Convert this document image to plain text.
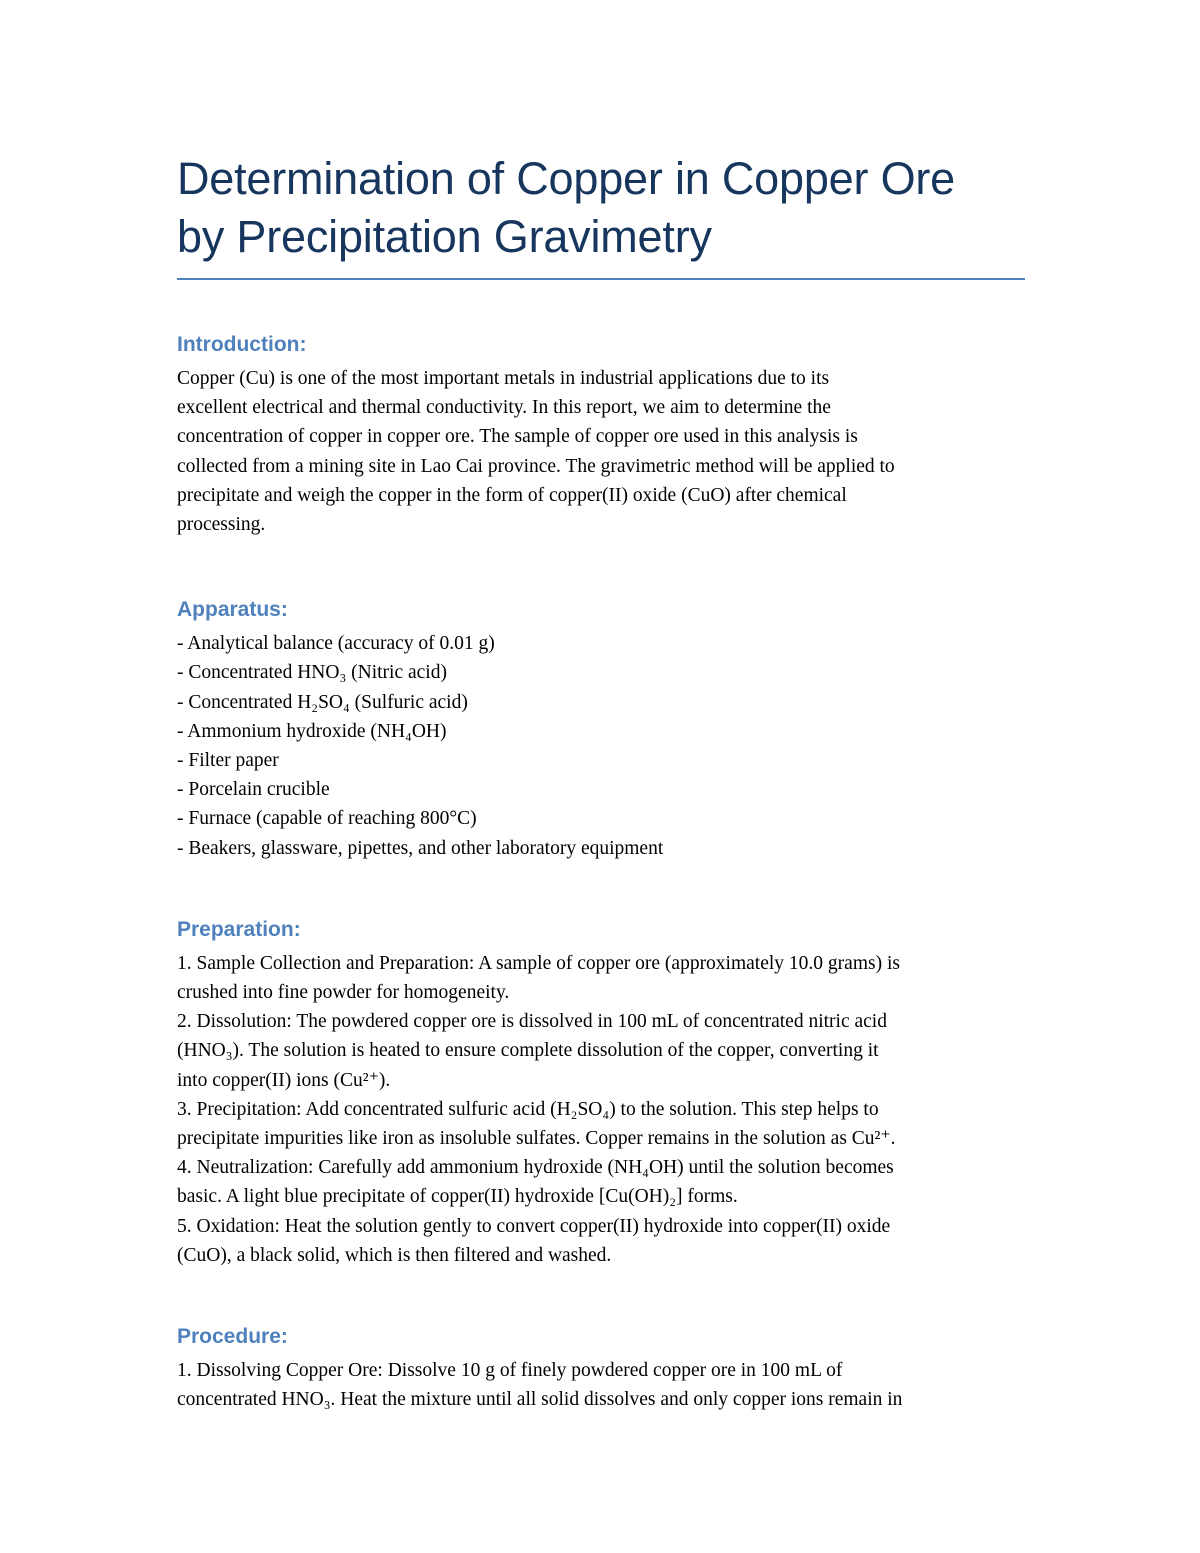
Determination of Copper in Copper Ore
by Precipitation Gravimetry
Introduction:

Copper (Cu) is one of the most important metals in industrial applications due to its
excellent electrical and thermal conductivity. In this report, we aim to determine the
concentration of copper in copper ore. The sample of copper ore used in this analysis is
collected from a mining site in Lao Cai province. The gravimetric method will be applied to
precipitate and weigh the copper in the form of copper(II) oxide (CuO) after chemical
processing.

Apparatus:
- Analytical balance (accuracy of 0.01 g)
- Concentrated HNO₃ (Nitric acid)
- Concentrated H₂SO₄ (Sulfuric acid)
- Ammonium hydroxide (NH₄OH)
- Filter paper
- Porcelain crucible
- Furnace (capable of reaching 800°C)
- Beakers, glassware, pipettes, and other laboratory equipment
Preparation:

1. Sample Collection and Preparation: A sample of copper ore (approximately 10.0 grams) is
crushed into fine powder for homogeneity.
2. Dissolution: The powdered copper ore is dissolved in 100 mL of concentrated nitric acid
(HNO₃). The solution is heated to ensure complete dissolution of the copper, converting it
into copper(II) ions (Cu²⁺).
3. Precipitation: Add concentrated sulfuric acid (H₂SO₄) to the solution. This step helps to
precipitate impurities like iron as insoluble sulfates. Copper remains in the solution as Cu²⁺.
4. Neutralization: Carefully add ammonium hydroxide (NH₄OH) until the solution becomes
basic. A light blue precipitate of copper(II) hydroxide [Cu(OH)₂] forms.
5. Oxidation: Heat the solution gently to convert copper(II) hydroxide into copper(II) oxide
(CuO), a black solid, which is then filtered and washed.

Procedure:

1. Dissolving Copper Ore: Dissolve 10 g of finely powdered copper ore in 100 mL of
concentrated HNO₃. Heat the mixture until all solid dissolves and only copper ions remain in
